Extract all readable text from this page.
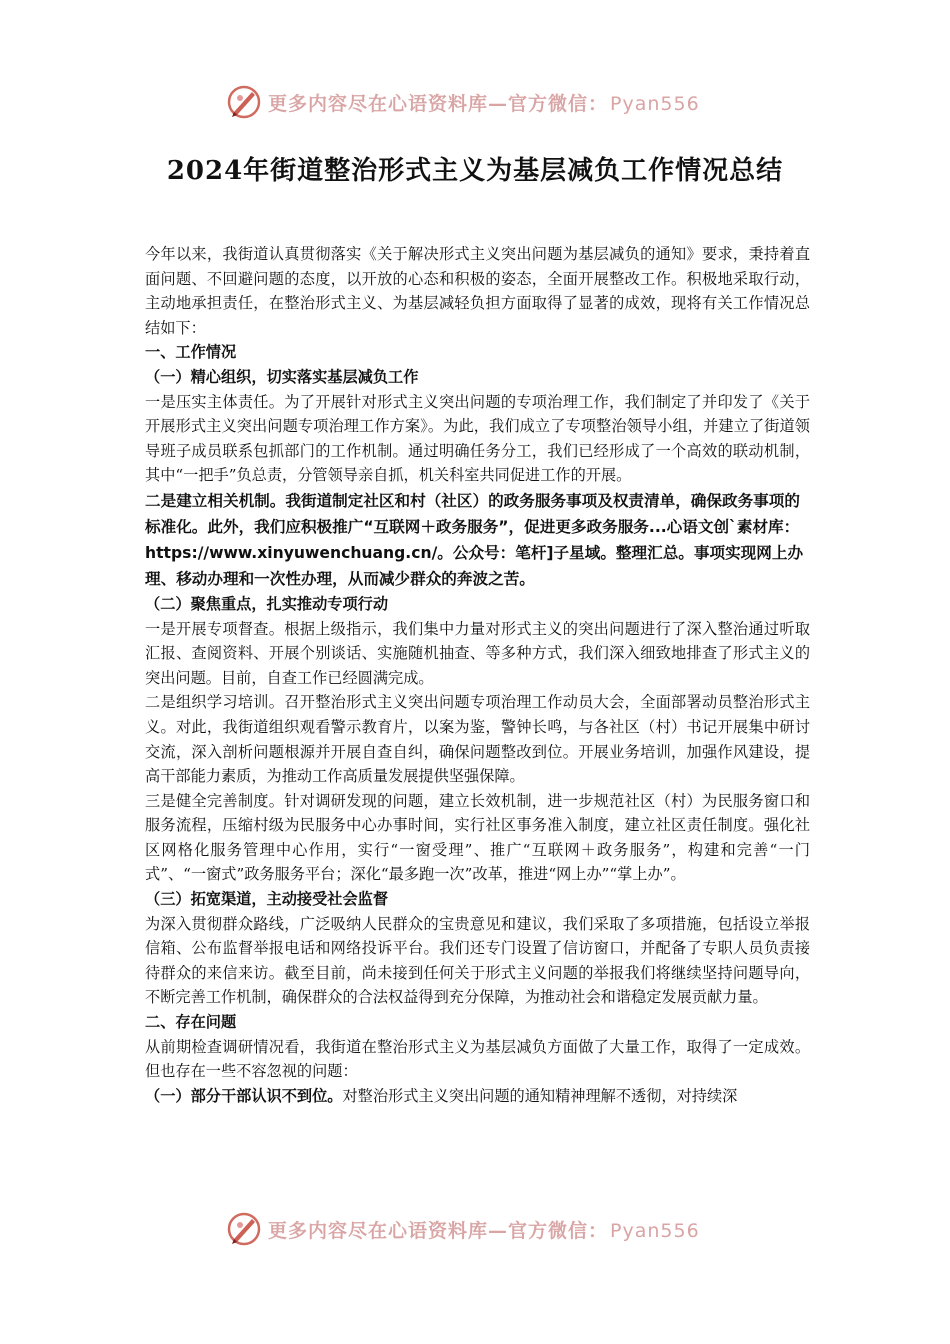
更多内容尽在心语资料库—官方微信： Pyan556
2024年街道整治形式主义为基层减负工作情况总结

今年以来，我街道认真贯彻落实《关于解决形式主义突出问题为基层减负的通知》要求，秉持着直面问题、不回避问题的态度，以开放的心态和积极的姿态，全面开展整改工作。积极地采取行动，主动地承担责任，在整治形式主义、为基层减轻负担方面取得了显著的成效，现将有关工作情况总结如下：

一、工作情况

（一）精心组织，切实落实基层减负工作

一是压实主体责任。为了开展针对形式主义突出问题的专项治理工作，我们制定了并印发了《关于开展形式主义突出问题专项治理工作方案》。为此，我们成立了专项整治领导小组，并建立了街道领导班子成员联系包抓部门的工作机制。通过明确任务分工，我们已经形成了一个高效的联动机制，其中“一把手”负总责，分管领导亲自抓，机关科室共同促进工作的开展。

二是建立相关机制。我街道制定社区和村（社区）的政务服务事项及权责清单，确保政务事项的标准化。此外，我们应积极推广“互联网＋政务服务”，促进更多政务服务...心语文创`素材库：https://www.xinyuwenchuang.cn/。公众号：笔杆]子星域。整理汇总。事项实现网上办理、移动办理和一次性办理，从而减少群众的奔波之苦。

（二）聚焦重点，扎实推动专项行动

一是开展专项督查。根据上级指示，我们集中力量对形式主义的突出问题进行了深入整治通过听取汇报、查阅资料、开展个别谈话、实施随机抽查、等多种方式，我们深入细致地排查了形式主义的突出问题。目前，自查工作已经圆满完成。

二是组织学习培训。召开整治形式主义突出问题专项治理工作动员大会，全面部署动员整治形式主义。对此，我街道组织观看警示教育片，以案为鉴，警钟长鸣，与各社区（村）书记开展集中研讨交流，深入剖析问题根源并开展自查自纠，确保问题整改到位。开展业务培训，加强作风建设，提高干部能力素质，为推动工作高质量发展提供坚强保障。

三是健全完善制度。针对调研发现的问题，建立长效机制，进一步规范社区（村）为民服务窗口和服务流程，压缩村级为民服务中心办事时间，实行社区事务准入制度，建立社区责任制度。强化社区网格化服务管理中心作用，实行“一窗受理”、推广“互联网＋政务服务”，构建和完善“一门式”、“一窗式”政务服务平台；深化“最多跑一次”改革，推进“网上办”“掌上办”。

（三）拓宽渠道，主动接受社会监督

为深入贯彻群众路线，广泛吸纳人民群众的宝贵意见和建议，我们采取了多项措施，包括设立举报信箱、公布监督举报电话和网络投诉平台。我们还专门设置了信访窗口，并配备了专职人员负责接待群众的来信来访。截至目前，尚未接到任何关于形式主义问题的举报我们将继续坚持问题导向，不断完善工作机制，确保群众的合法权益得到充分保障，为推动社会和谐稳定发展贡献力量。

二、存在问题

从前期检查调研情况看，我街道在整治形式主义为基层减负方面做了大量工作，取得了一定成效。但也存在一些不容忽视的问题：

（一）部分干部认识不到位。对整治形式主义突出问题的通知精神理解不透彻，对持续深

更多内容尽在心语资料库—官方微信： Pyan556
